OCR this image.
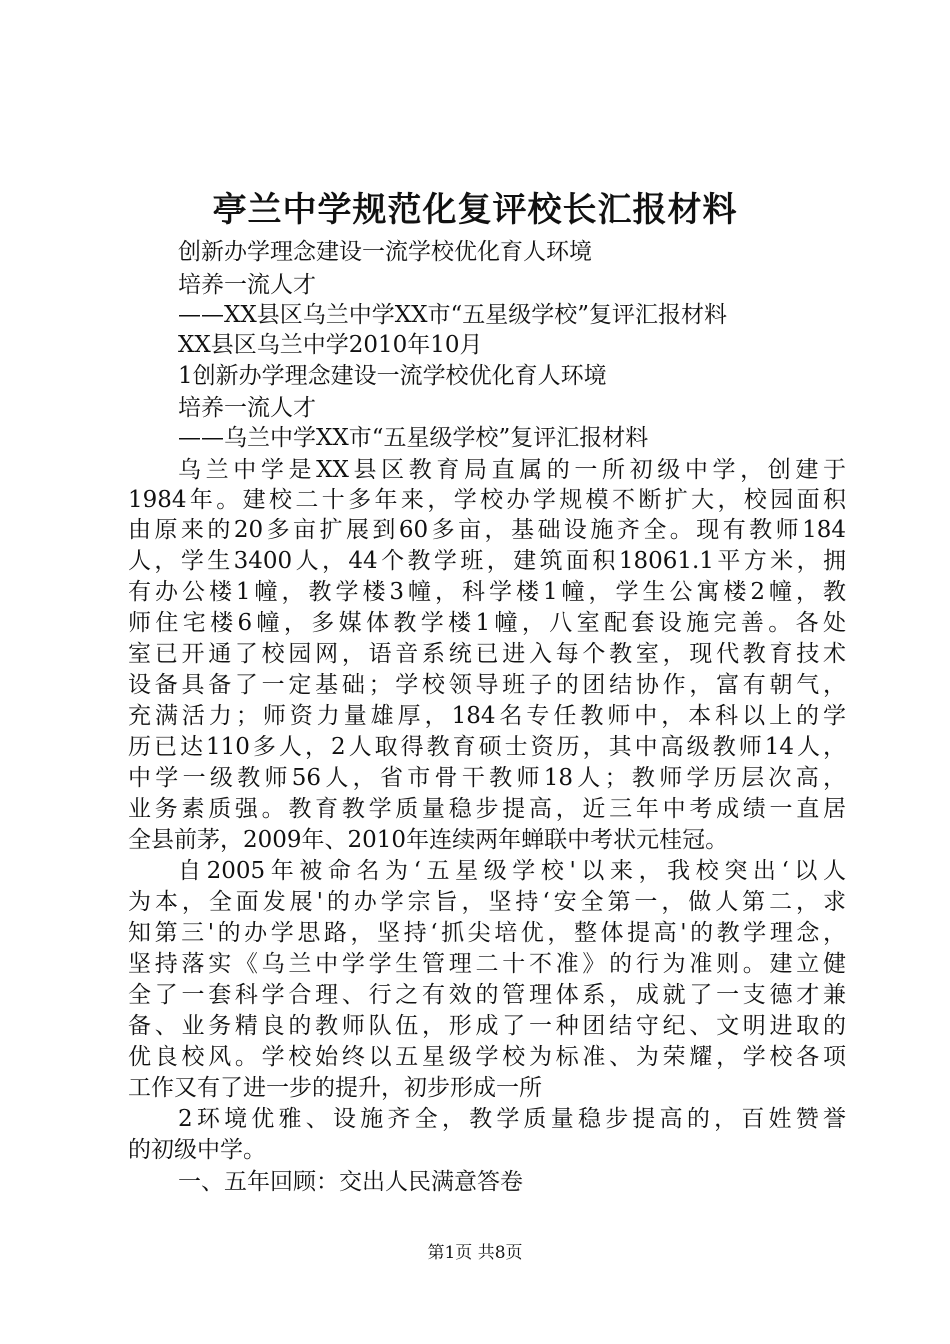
亭兰中学规范化复评校长汇报材料

创新办学理念建设一流学校优化育人环境

培养一流人才

——XX县区乌兰中学XX市“五星级学校”复评汇报材料

XX县区乌兰中学2010年10月

1创新办学理念建设一流学校优化育人环境

培养一流人才

——乌兰中学XX市“五星级学校”复评汇报材料

乌兰中学是XX县区教育局直属的一所初级中学，创建于

1984年。建校二十多年来，学校办学规模不断扩大，校园面积

由原来的20多亩扩展到60多亩，基础设施齐全。现有教师184

人，学生3400人，44个教学班，建筑面积18061.1平方米，拥

有办公楼1幢，教学楼3幢，科学楼1幢，学生公寓楼2幢，教

师住宅楼6幢，多媒体教学楼1幢，八室配套设施完善。各处

室已开通了校园网，语音系统已进入每个教室，现代教育技术

设备具备了一定基础；学校领导班子的团结协作，富有朝气，

充满活力；师资力量雄厚，184名专任教师中，本科以上的学

历已达110多人，2人取得教育硕士资历，其中高级教师14人，

中学一级教师56人，省市骨干教师18人；教师学历层次高，

业务素质强。教育教学质量稳步提高，近三年中考成绩一直居

全县前茅，2009年、2010年连续两年蝉联中考状元桂冠。

自2005年被命名为‘五星级学校'以来，我校突出‘以人

为本，全面发展'的办学宗旨，坚持‘安全第一，做人第二，求

知第三'的办学思路，坚持‘抓尖培优，整体提高'的教学理念，

坚持落实《乌兰中学学生管理二十不准》的行为准则。建立健

全了一套科学合理、行之有效的管理体系，成就了一支德才兼

备、业务精良的教师队伍，形成了一种团结守纪、文明进取的

优良校风。学校始终以五星级学校为标准、为荣耀，学校各项

工作又有了进一步的提升，初步形成一所

2环境优雅、设施齐全，教学质量稳步提高的，百姓赞誉

的初级中学。

一、五年回顾：交出人民满意答卷

第1页 共8页
